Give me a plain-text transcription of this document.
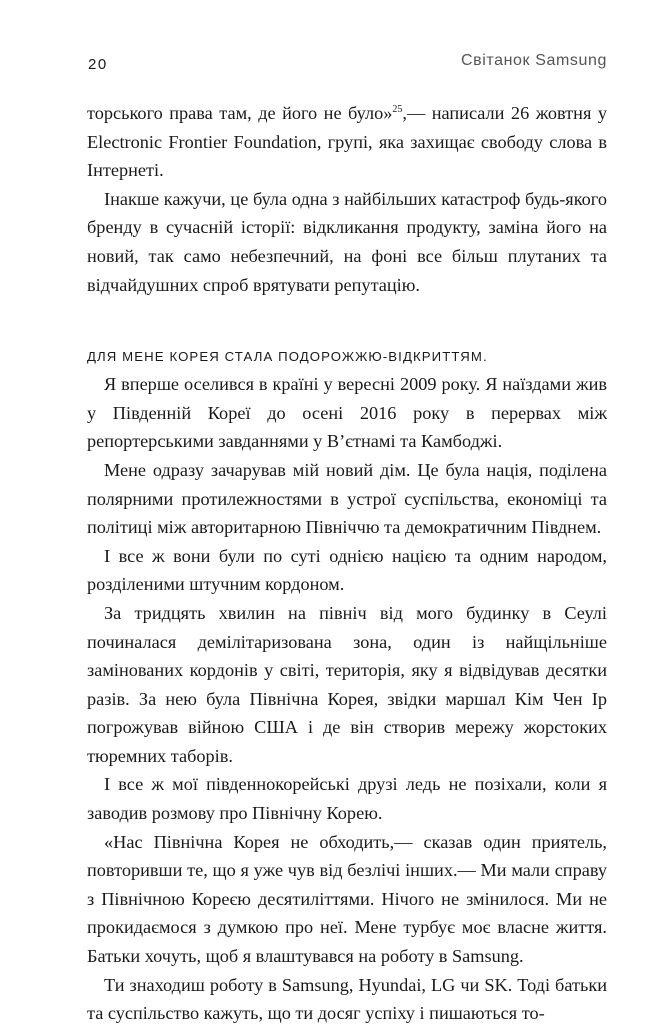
20	Світанок Samsung

торського права там, де його не було»$^{25}$,— написали 26 жовтня у Electronic Frontier Foundation, групі, яка захищає свободу слова в Інтернеті.

Інакше кажучи, це була одна з найбільших катастроф будь-якого бренду в сучасній історії: відкликання продукту, заміна його на новий, так само небезпечний, на фоні все більш плутаних та відчайдушних спроб врятувати репутацію.

ДЛЯ МЕНЕ КОРЕЯ СТАЛА ПОДОРОЖЖЮ-ВІДКРИТТЯМ.

Я вперше оселився в країні у вересні 2009 року. Я наїздами жив у Південній Кореї до осені 2016 року в перервах між репортерськими завданнями у В’єтнамі та Камбоджі.

Мене одразу зачарував мій новий дім. Це була нація, поділена полярними протилежностями в устрої суспільства, економіці та політиці між авторитарною Північчю та демократичним Півднем.

І все ж вони були по суті однією нацією та одним народом, розділеними штучним кордоном.

За тридцять хвилин на північ від мого будинку в Сеулі починалася демілітаризована зона, один із найщільніше замінованих кордонів у світі, територія, яку я відвідував десятки разів. За нею була Північна Корея, звідки маршал Кім Чен Ір погрожував війною США і де він створив мережу жорстоких тюремних таборів.

І все ж мої південнокорейські друзі ледь не позіхали, коли я заводив розмову про Північну Корею.

«Нас Північна Корея не обходить,— сказав один приятель, повторивши те, що я уже чув від безлічі інших.— Ми мали справу з Північною Кореєю десятиліттями. Нічого не змінилося. Ми не прокидаємося з думкою про неї. Мене турбує моє власне життя. Батьки хочуть, щоб я влаштувався на роботу в Samsung.

Ти знаходиш роботу в Samsung, Hyundai, LG чи SK. Тоді батьки та суспільство кажуть, що ти досяг успіху і пишаються то-
